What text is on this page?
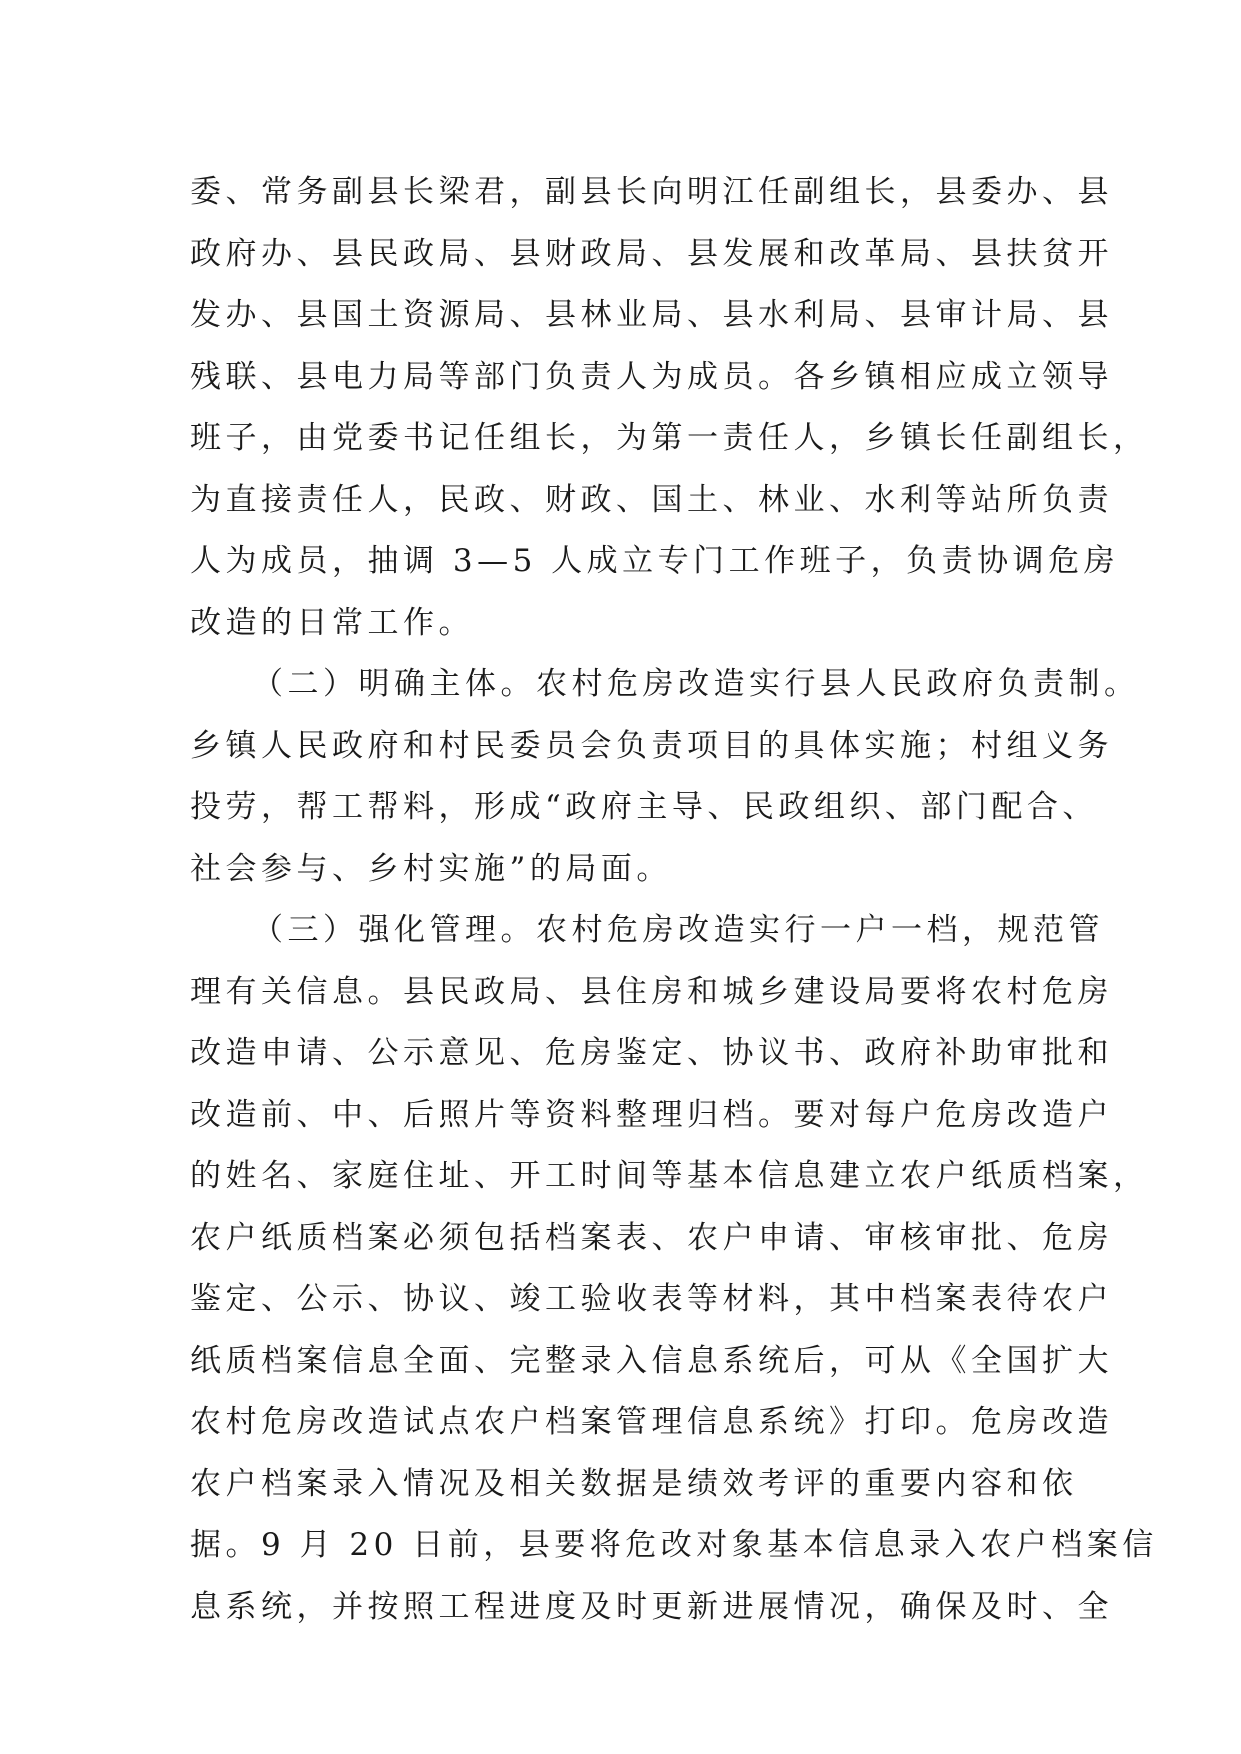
委、常务副县长梁君，副县长向明江任副组长，县委办、县
政府办、县民政局、县财政局、县发展和改革局、县扶贫开
发办、县国土资源局、县林业局、县水利局、县审计局、县
残联、县电力局等部门负责人为成员。各乡镇相应成立领导
班子，由党委书记任组长，为第一责任人，乡镇长任副组长，
为直接责任人，民政、财政、国土、林业、水利等站所负责
人为成员，抽调 3—5 人成立专门工作班子，负责协调危房
改造的日常工作。
（二）明确主体。农村危房改造实行县人民政府负责制。
乡镇人民政府和村民委员会负责项目的具体实施；村组义务
投劳，帮工帮料，形成“政府主导、民政组织、部门配合、
社会参与、乡村实施”的局面。
（三）强化管理。农村危房改造实行一户一档，规范管
理有关信息。县民政局、县住房和城乡建设局要将农村危房
改造申请、公示意见、危房鉴定、协议书、政府补助审批和
改造前、中、后照片等资料整理归档。要对每户危房改造户
的姓名、家庭住址、开工时间等基本信息建立农户纸质档案，
农户纸质档案必须包括档案表、农户申请、审核审批、危房
鉴定、公示、协议、竣工验收表等材料，其中档案表待农户
纸质档案信息全面、完整录入信息系统后，可从《全国扩大
农村危房改造试点农户档案管理信息系统》打印。危房改造
农户档案录入情况及相关数据是绩效考评的重要内容和依
据。9 月 20 日前，县要将危改对象基本信息录入农户档案信
息系统，并按照工程进度及时更新进展情况，确保及时、全
